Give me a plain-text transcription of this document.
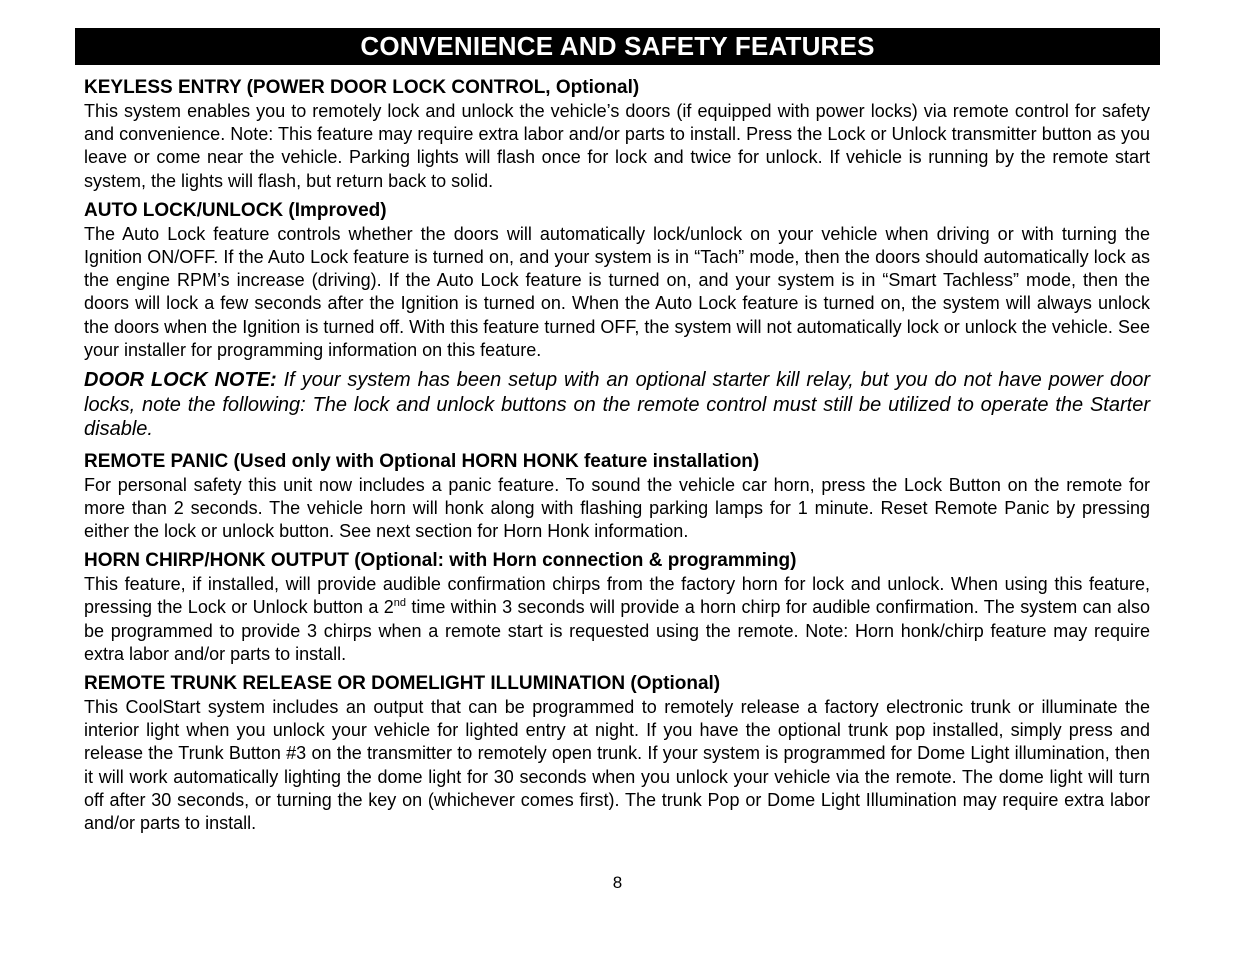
CONVENIENCE AND SAFETY FEATURES

KEYLESS ENTRY (POWER DOOR LOCK CONTROL, Optional)

This system enables you to remotely lock and unlock the vehicle’s doors (if equipped with power locks) via remote control for safety and convenience. Note: This feature may require extra labor and/or parts to install. Press the Lock or Unlock transmitter button as you leave or come near the vehicle. Parking lights will flash once for lock and twice for unlock. If vehicle is running by the remote start system, the lights will flash, but return back to solid.

AUTO LOCK/UNLOCK (Improved)

The Auto Lock feature controls whether the doors will automatically lock/unlock on your vehicle when driving or with turning the Ignition ON/OFF. If the Auto Lock feature is turned on, and your system is in “Tach” mode, then the doors should automatically lock as the engine RPM’s increase (driving). If the Auto Lock feature is turned on, and your system is in “Smart Tachless” mode, then the doors will lock a few seconds after the Ignition is turned on. When the Auto Lock feature is turned on, the system will always unlock the doors when the Ignition is turned off. With this feature turned OFF, the system will not automatically lock or unlock the vehicle. See your installer for programming information on this feature.

DOOR LOCK NOTE: If your system has been setup with an optional starter kill relay, but you do not have power door locks, note the following: The lock and unlock buttons on the remote control must still be utilized to operate the Starter disable.

REMOTE PANIC (Used only with Optional HORN HONK feature installation)

For personal safety this unit now includes a panic feature. To sound the vehicle car horn, press the Lock Button on the remote for more than 2 seconds. The vehicle horn will honk along with flashing parking lamps for 1 minute. Reset Remote Panic by pressing either the lock or unlock button. See next section for Horn Honk information.

HORN CHIRP/HONK OUTPUT (Optional: with Horn connection & programming)

This feature, if installed, will provide audible confirmation chirps from the factory horn for lock and unlock. When using this feature, pressing the Lock or Unlock button a 2nd time within 3 seconds will provide a horn chirp for audible confirmation. The system can also be programmed to provide 3 chirps when a remote start is requested using the remote. Note: Horn honk/chirp feature may require extra labor and/or parts to install.

REMOTE TRUNK RELEASE OR DOMELIGHT ILLUMINATION (Optional)

This CoolStart system includes an output that can be programmed to remotely release a factory electronic trunk or illuminate the interior light when you unlock your vehicle for lighted entry at night. If you have the optional trunk pop installed, simply press and release the Trunk Button #3 on the transmitter to remotely open trunk. If your system is programmed for Dome Light illumination, then it will work automatically lighting the dome light for 30 seconds when you unlock your vehicle via the remote. The dome light will turn off after 30 seconds, or turning the key on (whichever comes first). The trunk Pop or Dome Light Illumination may require extra labor and/or parts to install.

8
